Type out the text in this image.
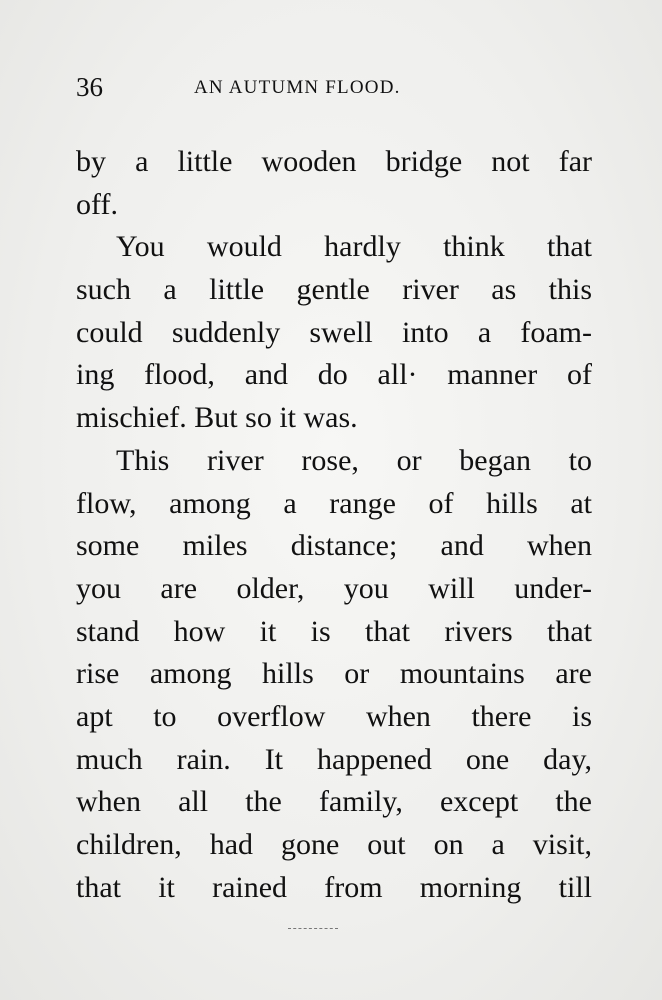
36	AN AUTUMN FLOOD.
by a little wooden bridge not far
off.
You would hardly think that
such a little gentle river as this
could suddenly swell into a foam-
ing flood, and do all· manner of
mischief. But so it was.
This river rose, or began to
flow, among a range of hills at
some miles distance; and when
you are older, you will under-
stand how it is that rivers that
rise among hills or mountains are
apt to overflow when there is
much rain. It happened one day,
when all the family, except the
children, had gone out on a visit,
that it rained from morning till
